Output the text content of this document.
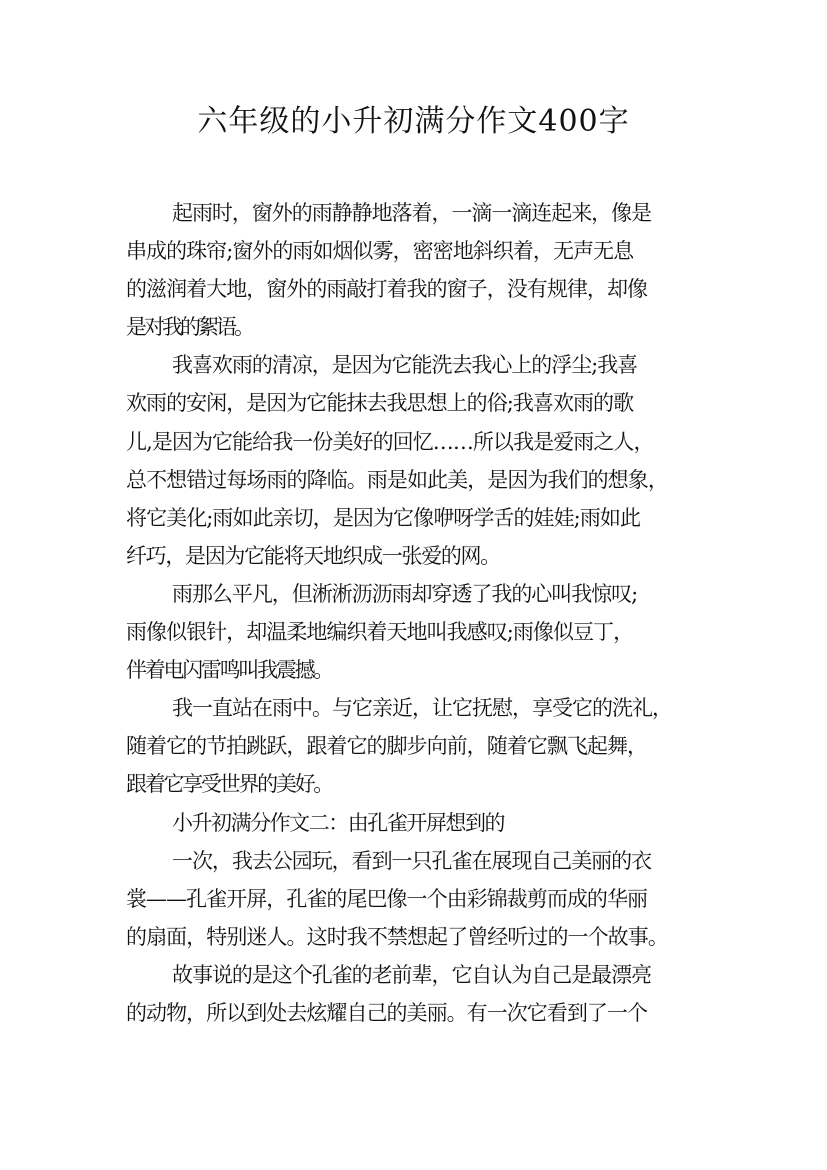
六年级的小升初满分作文400字

起雨时，窗外的雨静静地落着，一滴一滴连起来，像是

串成的珠帘;窗外的雨如烟似雾，密密地斜织着，无声无息

的滋润着大地，窗外的雨敲打着我的窗子，没有规律，却像

是对我的絮语。

我喜欢雨的清凉，是因为它能洗去我心上的浮尘;我喜

欢雨的安闲，是因为它能抹去我思想上的俗;我喜欢雨的歌

儿,是因为它能给我一份美好的回忆……所以我是爱雨之人，

总不想错过每场雨的降临。雨是如此美，是因为我们的想象，

将它美化;雨如此亲切，是因为它像咿呀学舌的娃娃;雨如此

纤巧，是因为它能将天地织成一张爱的网。

雨那么平凡，但淅淅沥沥雨却穿透了我的心叫我惊叹;

雨像似银针，却温柔地编织着天地叫我感叹;雨像似豆丁，

伴着电闪雷鸣叫我震撼。

我一直站在雨中。与它亲近，让它抚慰，享受它的洗礼，

随着它的节拍跳跃，跟着它的脚步向前，随着它飘飞起舞，

跟着它享受世界的美好。

小升初满分作文二：由孔雀开屏想到的

一次，我去公园玩，看到一只孔雀在展现自己美丽的衣

裳——孔雀开屏，孔雀的尾巴像一个由彩锦裁剪而成的华丽

的扇面，特别迷人。这时我不禁想起了曾经听过的一个故事。

故事说的是这个孔雀的老前辈，它自认为自己是最漂亮

的动物，所以到处去炫耀自己的美丽。有一次它看到了一个
